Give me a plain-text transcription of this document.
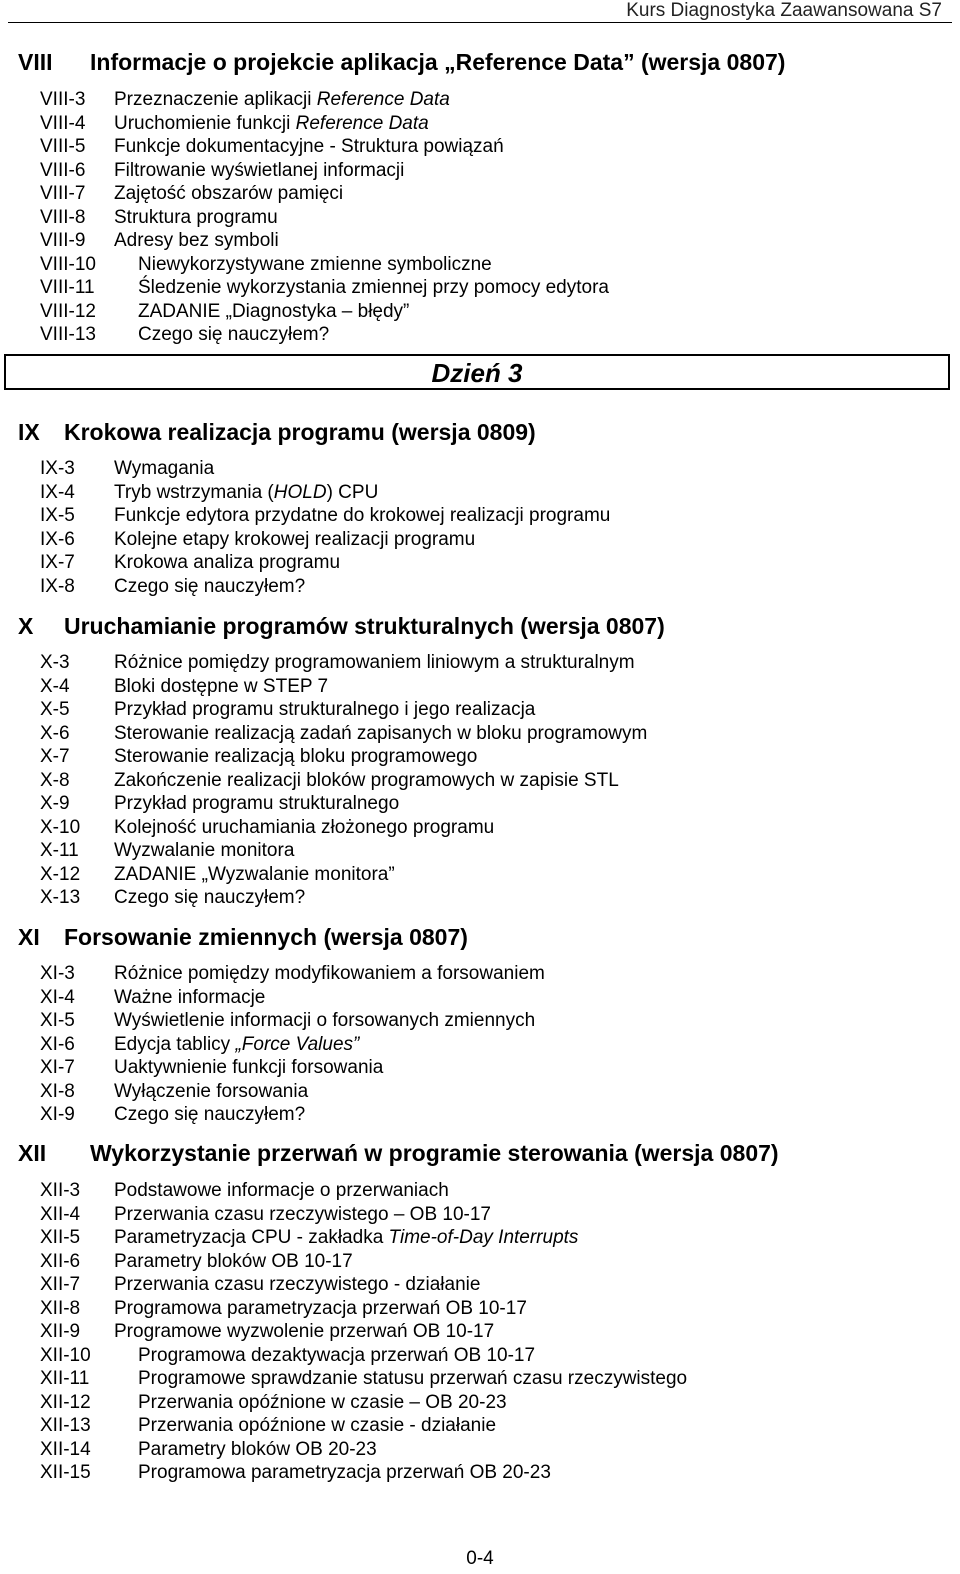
Kurs Diagnostyka Zaawansowana S7
VIII Informacje o projekcie aplikacja „Reference Data” (wersja 0807)
VIII-3 Przeznaczenie aplikacji Reference Data
VIII-4 Uruchomienie funkcji Reference Data
VIII-5 Funkcje dokumentacyjne - Struktura powiązań
VIII-6 Filtrowanie wyświetlanej informacji
VIII-7 Zajętość obszarów pamięci
VIII-8 Struktura programu
VIII-9 Adresy bez symboli
VIII-10 Niewykorzystywane zmienne symboliczne
VIII-11 Śledzenie wykorzystania zmiennej przy pomocy edytora
VIII-12 ZADANIE „Diagnostyka – błędy”
VIII-13 Czego się nauczyłem?
Dzień 3
IX Krokowa realizacja programu (wersja 0809)
IX-3 Wymagania
IX-4 Tryb wstrzymania (HOLD) CPU
IX-5 Funkcje edytora przydatne do krokowej realizacji programu
IX-6 Kolejne etapy krokowej realizacji programu
IX-7 Krokowa analiza programu
IX-8 Czego się nauczyłem?
X Uruchamianie programów strukturalnych (wersja 0807)
X-3 Różnice pomiędzy programowaniem liniowym a strukturalnym
X-4 Bloki dostępne w STEP 7
X-5 Przykład programu strukturalnego i jego realizacja
X-6 Sterowanie realizacją zadań zapisanych w bloku programowym
X-7 Sterowanie realizacją bloku programowego
X-8 Zakończenie realizacji bloków programowych w zapisie STL
X-9 Przykład programu strukturalnego
X-10 Kolejność uruchamiania złożonego programu
X-11 Wyzwalanie monitora
X-12 ZADANIE „Wyzwalanie monitora”
X-13 Czego się nauczyłem?
XI Forsowanie zmiennych (wersja 0807)
XI-3 Różnice pomiędzy modyfikowaniem a forsowaniem
XI-4 Ważne informacje
XI-5 Wyświetlenie informacji o forsowanych zmiennych
XI-6 Edycja tablicy „Force Values”
XI-7 Uaktywnienie funkcji forsowania
XI-8 Wyłączenie forsowania
XI-9 Czego się nauczyłem?
XII Wykorzystanie przerwań w programie sterowania (wersja 0807)
XII-3 Podstawowe informacje o przerwaniach
XII-4 Przerwania czasu rzeczywistego – OB 10-17
XII-5 Parametryzacja CPU - zakładka Time-of-Day Interrupts
XII-6 Parametry bloków OB 10-17
XII-7 Przerwania czasu rzeczywistego - działanie
XII-8 Programowa parametryzacja przerwań OB 10-17
XII-9 Programowe wyzwolenie przerwań OB 10-17
XII-10 Programowa dezaktywacja przerwań OB 10-17
XII-11	Programowe sprawdzanie statusu przerwań czasu rzeczywistego
XII-12 Przerwania opóźnione w czasie – OB 20-23
XII-13 Przerwania opóźnione w czasie - działanie
XII-14 Parametry bloków OB 20-23
XII-15 Programowa parametryzacja przerwań OB 20-23
0-4
